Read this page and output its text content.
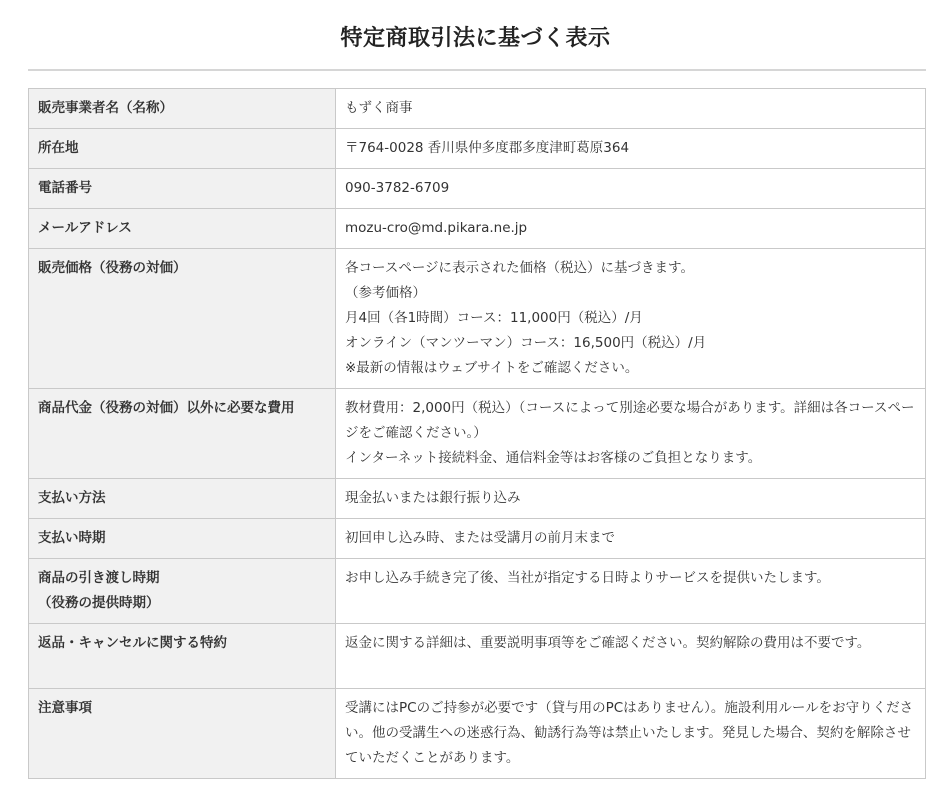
特定商取引法に基づく表示
販売事業者名（名称）	もずく商事

所在地	〒764-0028 香川県仲多度郡多度津町葛原364

電話番号	090-3782-6709

メールアドレス	mozu-cro@md.pikara.ne.jp

販売価格（役務の対価）	各コースページに表示された価格（税込）に基づきます。
（参考価格）
月4回（各1時間）コース：11,000円（税込）/月
オンライン（マンツーマン）コース：16,500円（税込）/月
※最新の情報はウェブサイトをご確認ください。

商品代金（役務の対価）以外に必要な費用	教材費用：2,000円（税込）（コースによって別途必要な場合があります。詳細は各コースページをご確認ください。）
インターネット接続料金、通信料金等はお客様のご負担となります。

支払い方法	現金払いまたは銀行振り込み

支払い時期	初回申し込み時、または受講月の前月末まで

商品の引き渡し時期
（役務の提供時期）	お申し込み手続き完了後、当社が指定する日時よりサービスを提供いたします。

返品・キャンセルに関する特約	返金に関する詳細は、重要説明事項等をご確認ください。契約解除の費用は不要です。

注意事項	受講にはPCのご持参が必要です（貸与用のPCはありません）。施設利用ルールをお守りください。他の受講生への迷惑行為、勧誘行為等は禁止いたします。発見した場合、契約を解除させていただくことがあります。
